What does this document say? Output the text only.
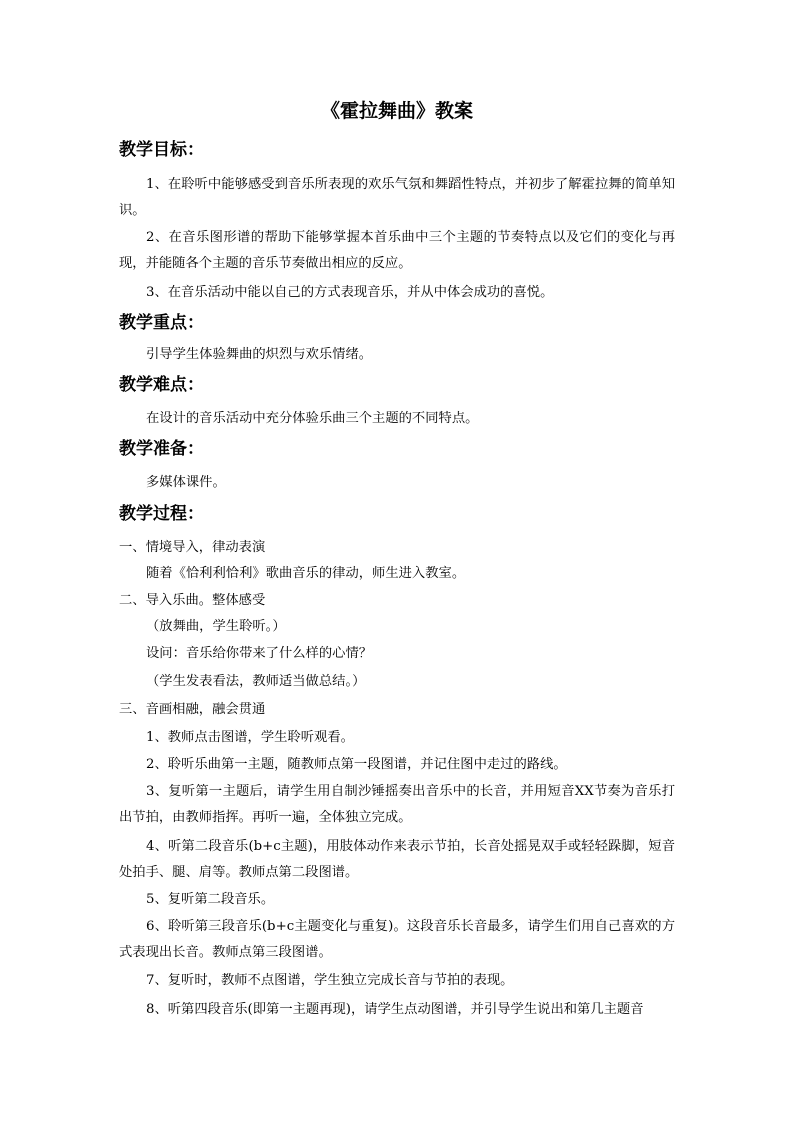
《霍拉舞曲》教案
教学目标：
1、在聆听中能够感受到音乐所表现的欢乐气氛和舞蹈性特点，并初步了解霍拉舞的简单知识。
2、在音乐图形谱的帮助下能够掌握本首乐曲中三个主题的节奏特点以及它们的变化与再现，并能随各个主题的音乐节奏做出相应的反应。
3、在音乐活动中能以自己的方式表现音乐，并从中体会成功的喜悦。
教学重点：
引导学生体验舞曲的炽烈与欢乐情绪。
教学难点：
在设计的音乐活动中充分体验乐曲三个主题的不同特点。
教学准备：
多媒体课件。
教学过程：
一、情境导入，律动表演
随着《恰利利恰利》歌曲音乐的律动，师生进入教室。
二、导入乐曲。整体感受
（放舞曲，学生聆听。）
设问：音乐给你带来了什么样的心情？
（学生发表看法，教师适当做总结。）
三、音画相融，融会贯通
1、教师点击图谱，学生聆听观看。
2、聆听乐曲第一主题，随教师点第一段图谱，并记住图中走过的路线。
3、复听第一主题后，请学生用自制沙锤摇奏出音乐中的长音，并用短音XX节奏为音乐打出节拍，由教师指挥。再听一遍，全体独立完成。
4、听第二段音乐(b+c主题)，用肢体动作来表示节拍，长音处摇晃双手或轻轻跺脚，短音处拍手、腿、肩等。教师点第二段图谱。
5、复听第二段音乐。
6、聆听第三段音乐(b+c主题变化与重复)。这段音乐长音最多，请学生们用自己喜欢的方式表现出长音。教师点第三段图谱。
7、复听时，教师不点图谱，学生独立完成长音与节拍的表现。
8、听第四段音乐(即第一主题再现)，请学生点动图谱，并引导学生说出和第几主题音
